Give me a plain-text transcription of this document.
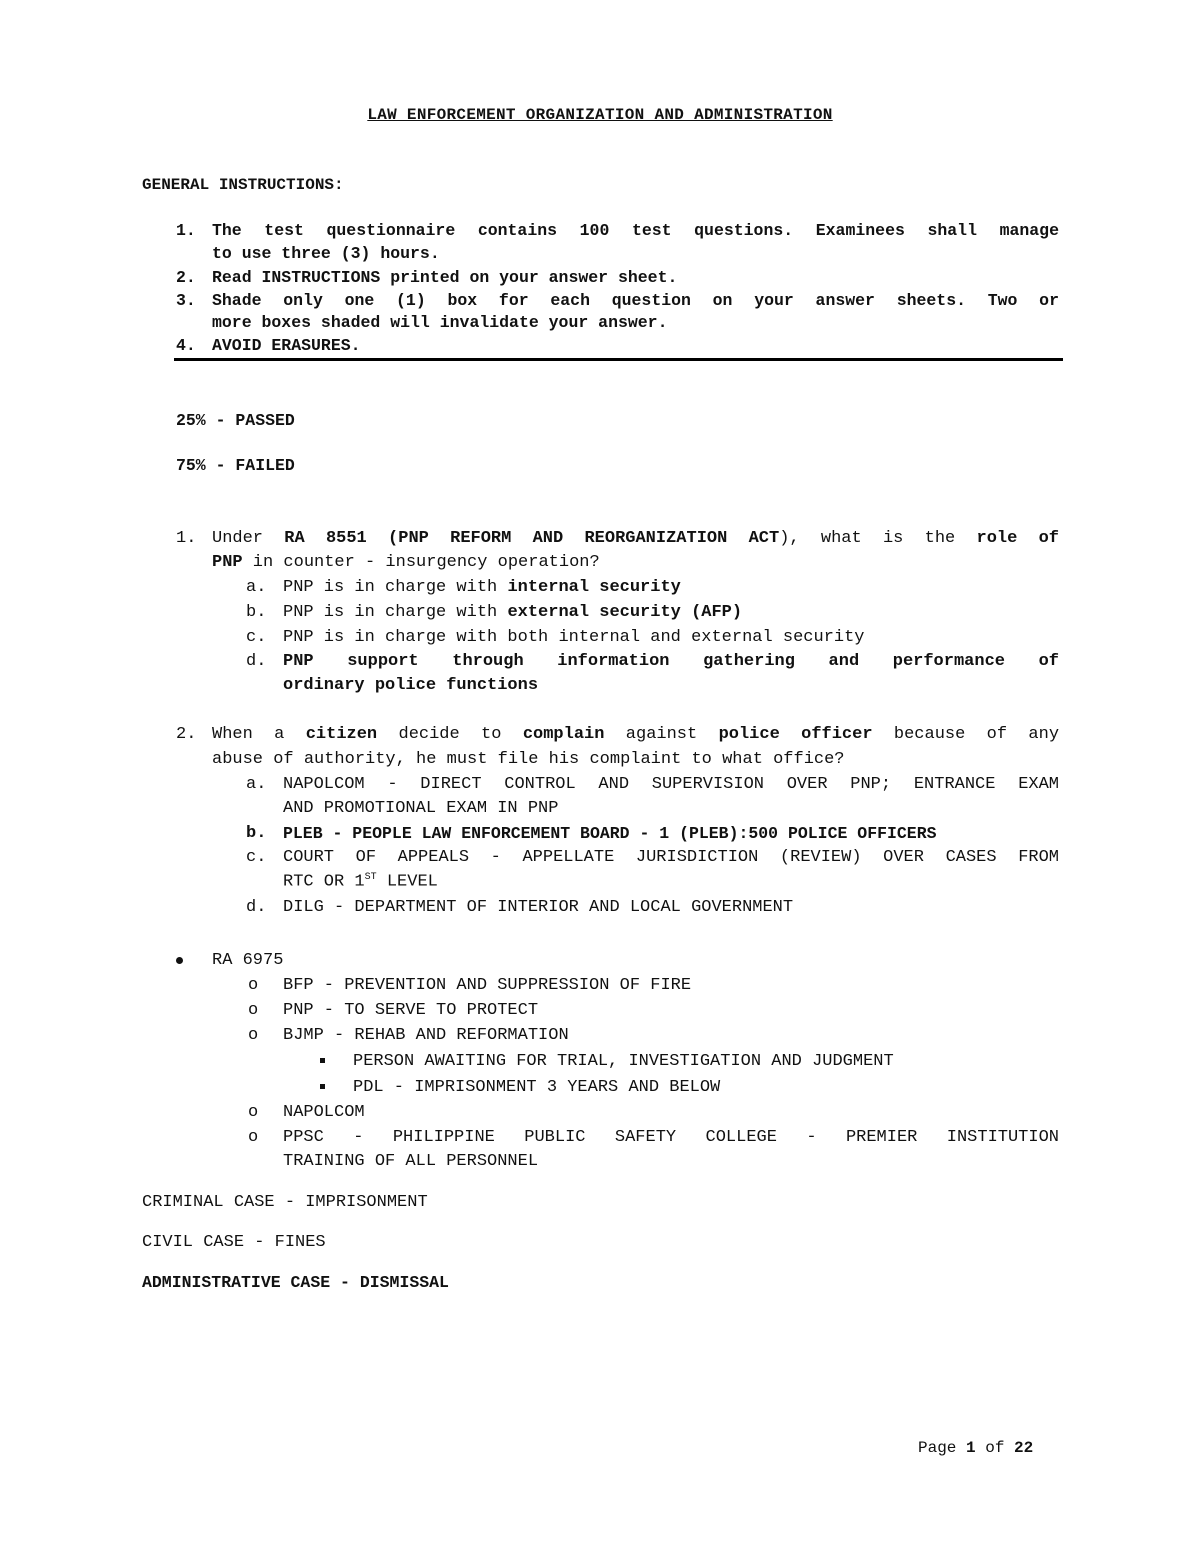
LAW ENFORCEMENT ORGANIZATION AND ADMINISTRATION
GENERAL INSTRUCTIONS:
1. The test questionnaire contains 100 test questions. Examinees shall manage
to use three (3) hours.
2. Read INSTRUCTIONS printed on your answer sheet.
3. Shade only one (1) box for each question on your answer sheets. Two or
more boxes shaded will invalidate your answer.
4. AVOID ERASURES.
25% - PASSED
75% - FAILED
1. Under RA 8551 (PNP REFORM AND REORGANIZATION ACT), what is the role of
PNP in counter - insurgency operation?
a. PNP is in charge with internal security
b. PNP is in charge with external security (AFP)
c. PNP is in charge with both internal and external security
d. PNP support through information gathering and performance of
ordinary police functions
2. When a citizen decide to complain against police officer because of any
abuse of authority, he must file his complaint to what office?
a. NAPOLCOM - DIRECT CONTROL AND SUPERVISION OVER PNP; ENTRANCE EXAM
AND PROMOTIONAL EXAM IN PNP
b. PLEB - PEOPLE LAW ENFORCEMENT BOARD - 1 (PLEB):500 POLICE OFFICERS
c. COURT OF APPEALS - APPELLATE JURISDICTION (REVIEW) OVER CASES FROM
RTC OR 1ST LEVEL
d. DILG - DEPARTMENT OF INTERIOR AND LOCAL GOVERNMENT
RA 6975
o BFP - PREVENTION AND SUPPRESSION OF FIRE
o PNP - TO SERVE TO PROTECT
o BJMP - REHAB AND REFORMATION
PERSON AWAITING FOR TRIAL, INVESTIGATION AND JUDGMENT
PDL - IMPRISONMENT 3 YEARS AND BELOW
o NAPOLCOM
o PPSC - PHILIPPINE PUBLIC SAFETY COLLEGE - PREMIER INSTITUTION
TRAINING OF ALL PERSONNEL
CRIMINAL CASE - IMPRISONMENT
CIVIL CASE - FINES
ADMINISTRATIVE CASE - DISMISSAL
Page 1 of 22
